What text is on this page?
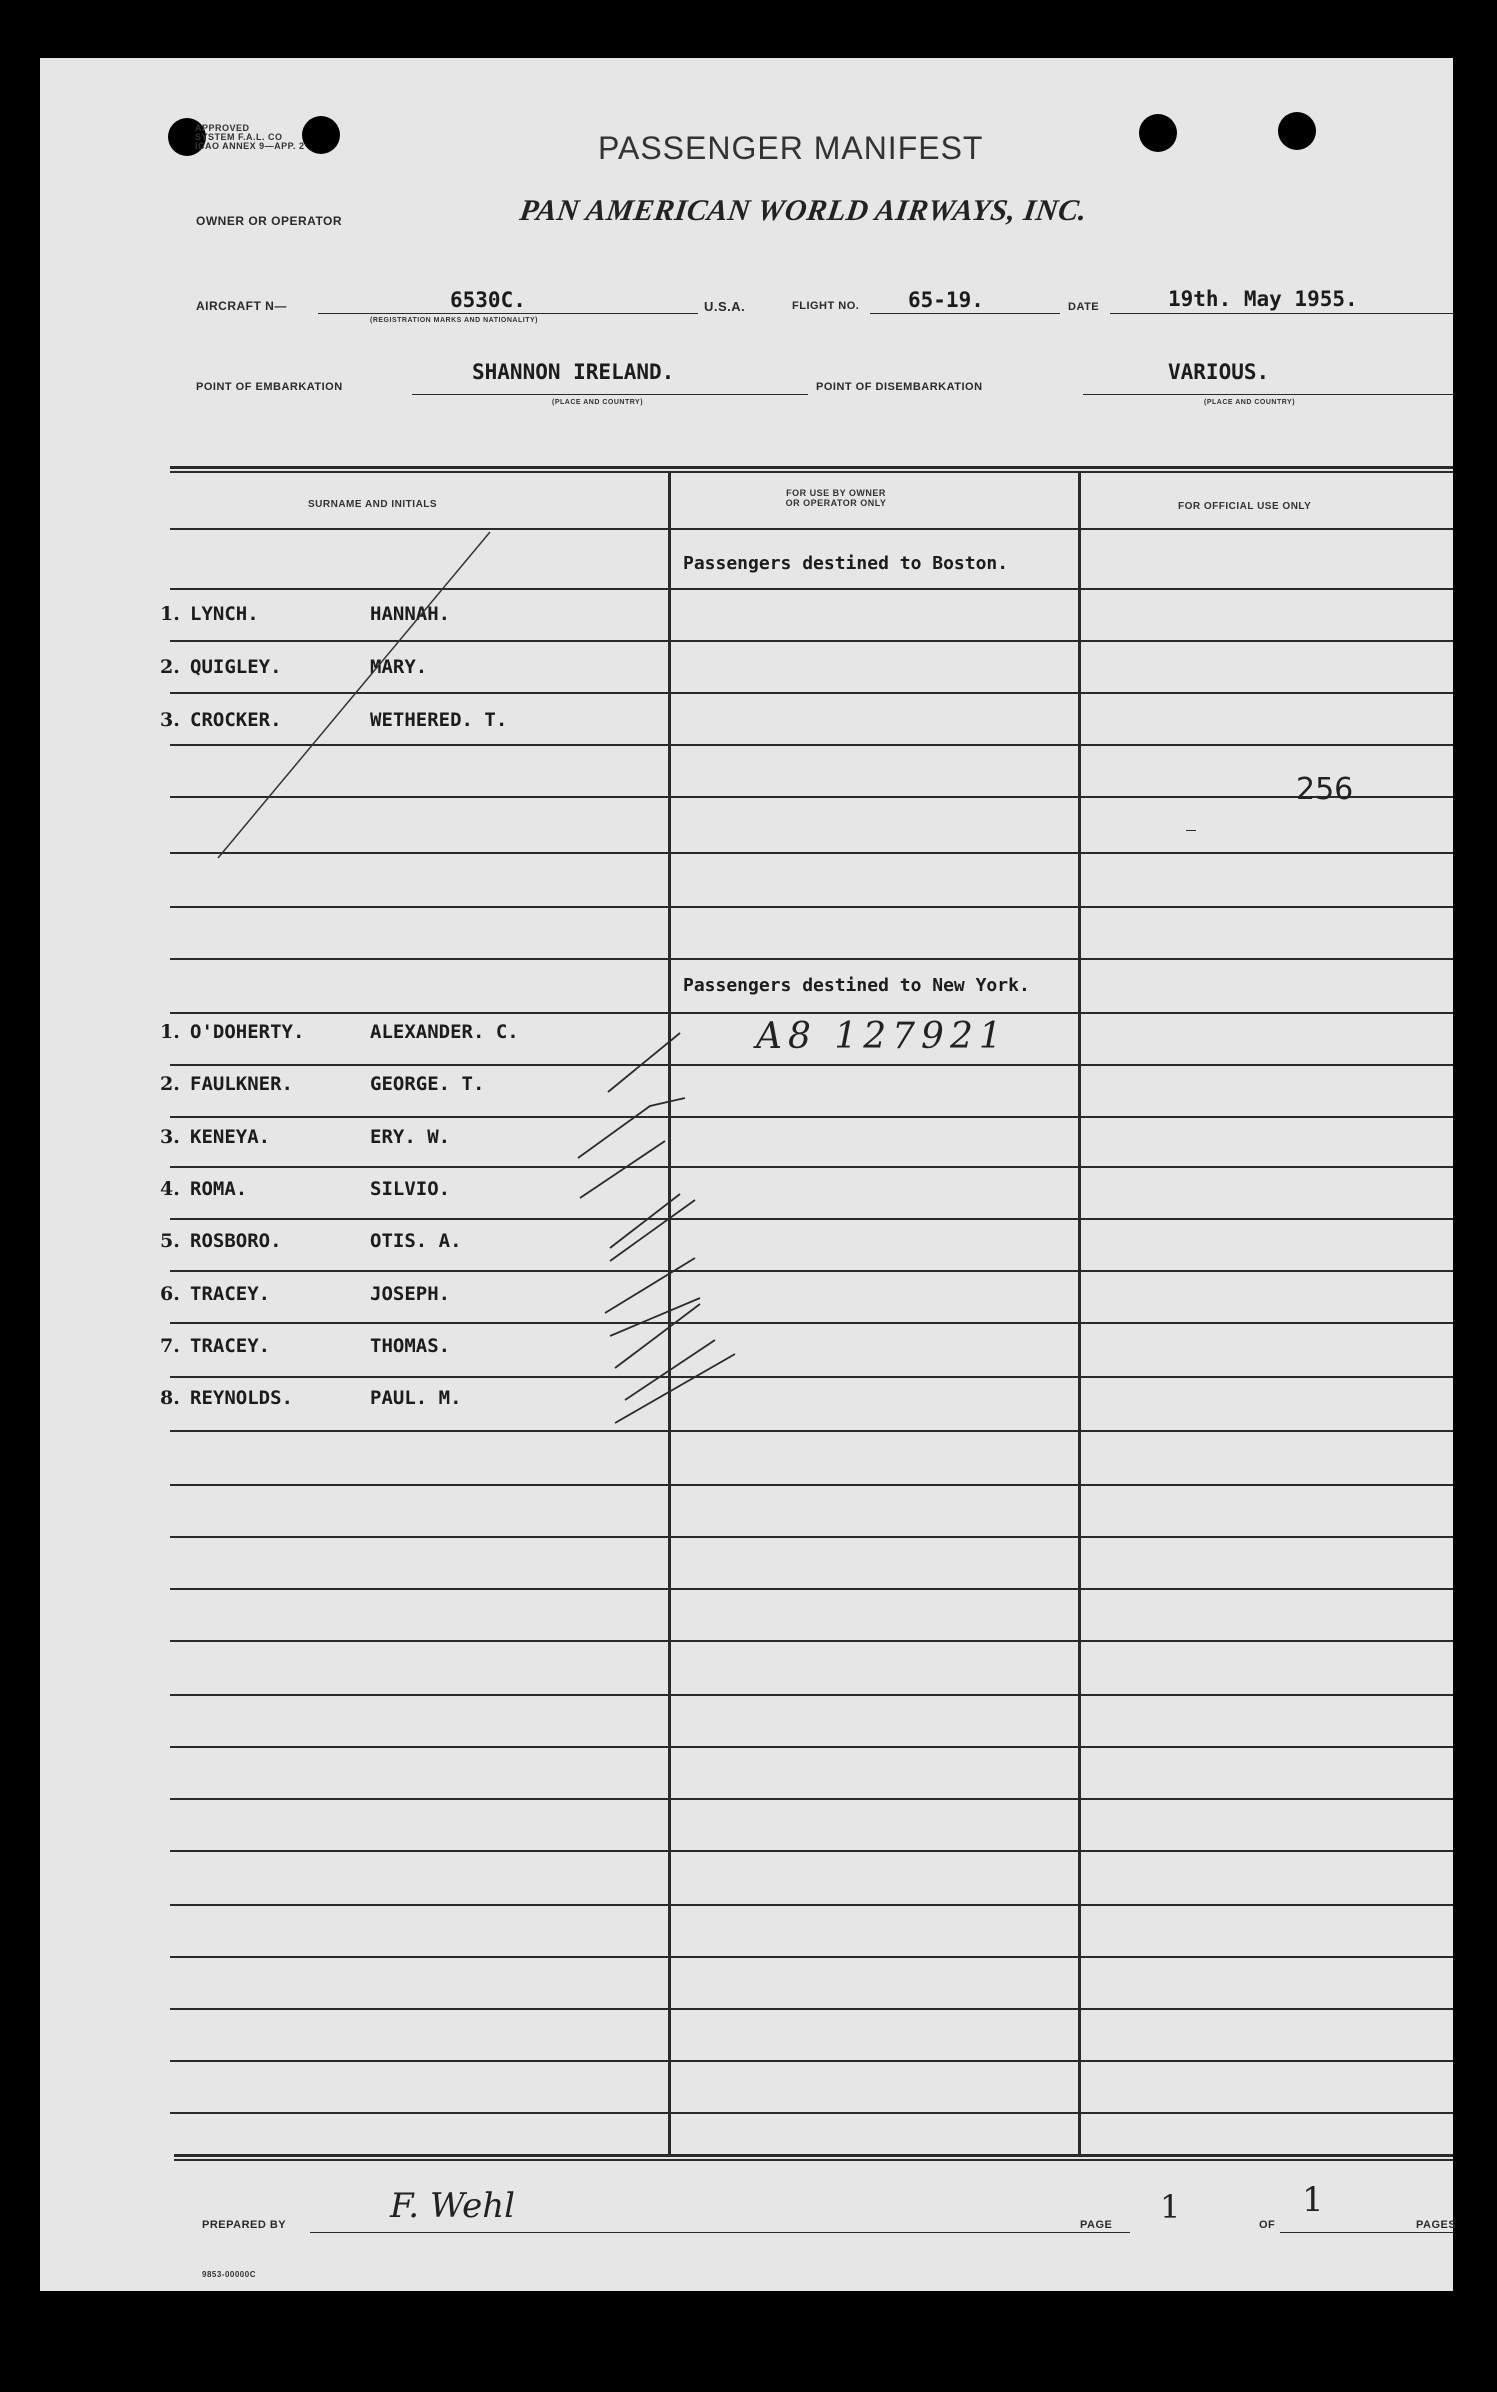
APPROVED
SYSTEM F.A.L. CO
ICAO ANNEX 9—APP. 2	PASSENGER MANIFEST
OWNER OR OPERATOR	PAN AMERICAN WORLD AIRWAYS, INC.
AIRCRAFT N—	6530C.
(REGISTRATION MARKS AND NATIONALITY)
U.S.A.	FLIGHT NO. 65-19.	DATE	19th. May 1955.
POINT OF EMBARKATION
SHANNON IRELAND.
(PLACE AND COUNTRY)
POINT OF DISEMBARKATION
VARIOUS.
(PLACE AND COUNTRY)
SURNAME AND INITIALS
FOR USE BY OWNER
OR OPERATOR ONLY	FOR OFFICIAL USE ONLY
Passengers destined to Boston.
1. LYNCH.	HANNAH.
2. QUIGLEY.	MARY.
3. CROCKER.	WETHERED. T.
256
Passengers destined to New York.
A8 127921
1. O'DOHERTY.	ALEXANDER. C.
2. FAULKNER.	GEORGE. T.
3. KENEYA.	ERY. W.
4. ROMA.	SILVIO.
5. ROSBORO.	OTIS. A.
6. TRACEY.	JOSEPH.
7. TRACEY.	THOMAS.
8. REYNOLDS.	PAUL. M.
PREPARED BY	F. Wehl	PAGE 1	OF
1
PAGES
9853-00000C
